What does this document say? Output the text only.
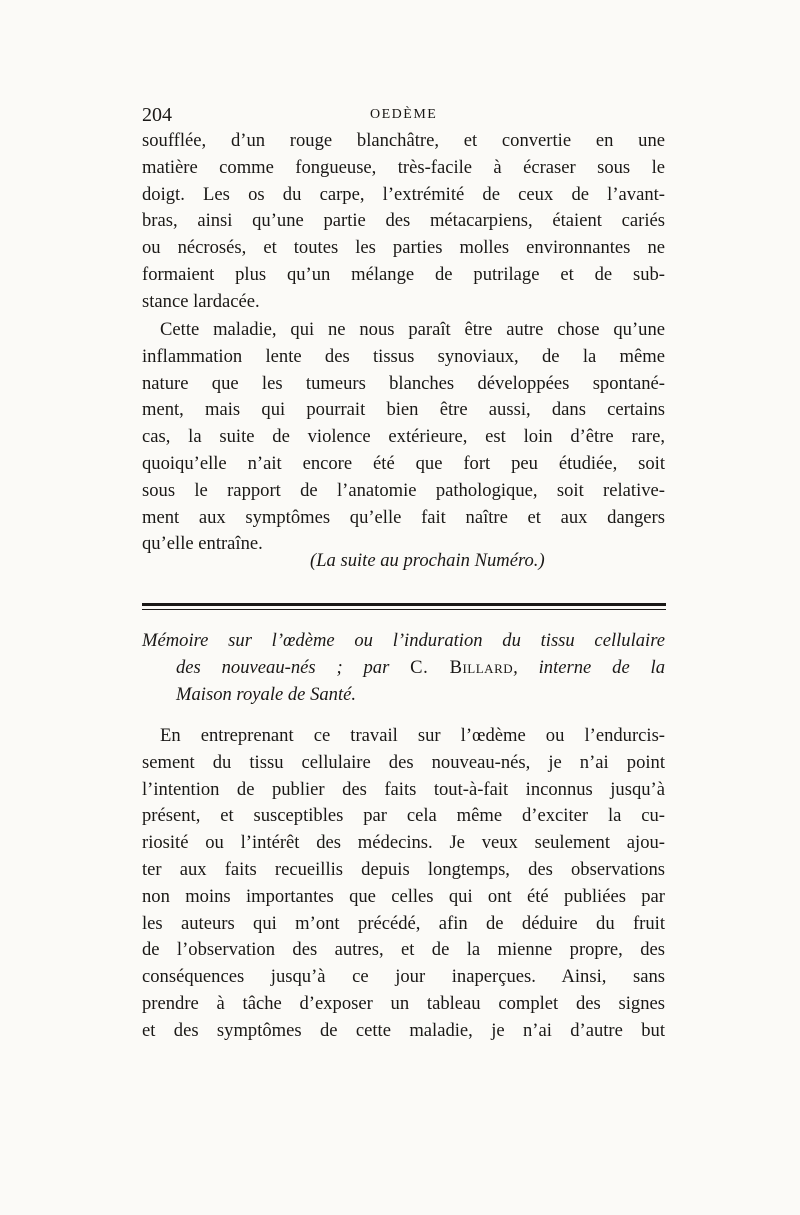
204	OEDÈME
soufflée, d’un rouge blanchâtre, et convertie en une
matière comme fongueuse, très-facile à écraser sous le
doigt. Les os du carpe, l’extrémité de ceux de l’avant-
bras, ainsi qu’une partie des métacarpiens, étaient cariés
ou nécrosés, et toutes les parties molles environnantes ne
formaient plus qu’un mélange de putrilage et de sub-
stance lardacée.
Cette maladie, qui ne nous paraît être autre chose qu’une
inflammation lente des tissus synoviaux, de la même
nature que les tumeurs blanches développées spontané-
ment, mais qui pourrait bien être aussi, dans certains
cas, la suite de violence extérieure, est loin d’être rare,
quoiqu’elle n’ait encore été que fort peu étudiée, soit
sous le rapport de l’anatomie pathologique, soit relative-
ment aux symptômes qu’elle fait naître et aux dangers
qu’elle entraîne.
(La suite au prochain Numéro.)
Mémoire sur l’œdème ou l’induration du tissu cellulaire
des nouveau-nés ; par C. Billard, interne de la
Maison royale de Santé.
En entreprenant ce travail sur l’œdème ou l’endurcis-
sement du tissu cellulaire des nouveau-nés, je n’ai point
l’intention de publier des faits tout-à-fait inconnus jusqu’à
présent, et susceptibles par cela même d’exciter la cu-
riosité ou l’intérêt des médecins. Je veux seulement ajou-
ter aux faits recueillis depuis longtemps, des observations
non moins importantes que celles qui ont été publiées par
les auteurs qui m’ont précédé, afin de déduire du fruit
de l’observation des autres, et de la mienne propre, des
conséquences jusqu’à ce jour inaperçues. Ainsi, sans
prendre à tâche d’exposer un tableau complet des signes
et des symptômes de cette maladie, je n’ai d’autre but
